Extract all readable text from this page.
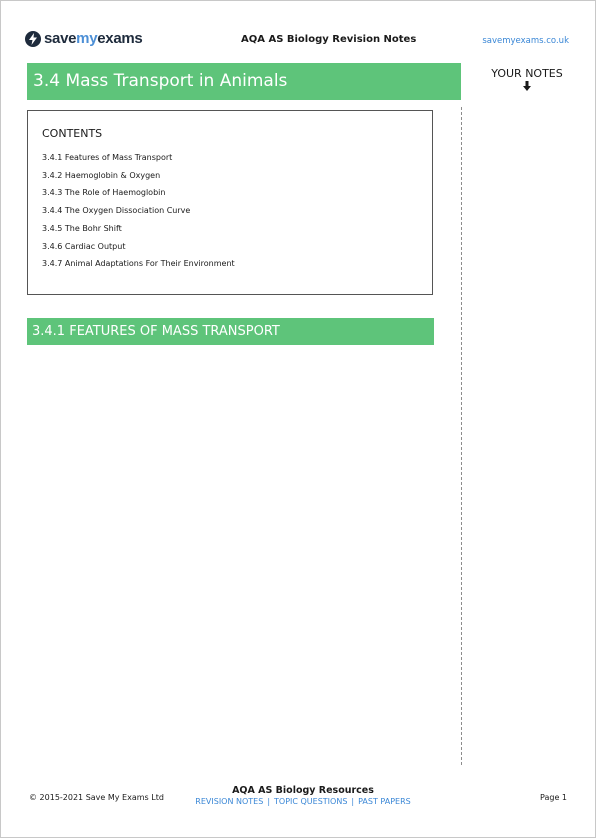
savemyexams	AQA AS Biology Revision Notes	savemyexams.co.uk
3.4 Mass Transport in Animals	YOUR NOTES
CONTENTS
3.4.1 Features of Mass Transport
3.4.2 Haemoglobin & Oxygen
3.4.3 The Role of Haemoglobin
3.4.4 The Oxygen Dissociation Curve
3.4.5 The Bohr Shift
3.4.6 Cardiac Output
3.4.7 Animal Adaptations For Their Environment
3.4.1 FEATURES OF MASS TRANSPORT
© 2015-2021 Save My Exams Ltd
AQA AS Biology Resources
REVISION NOTES | TOPIC QUESTIONS | PAST PAPERS	Page 1
